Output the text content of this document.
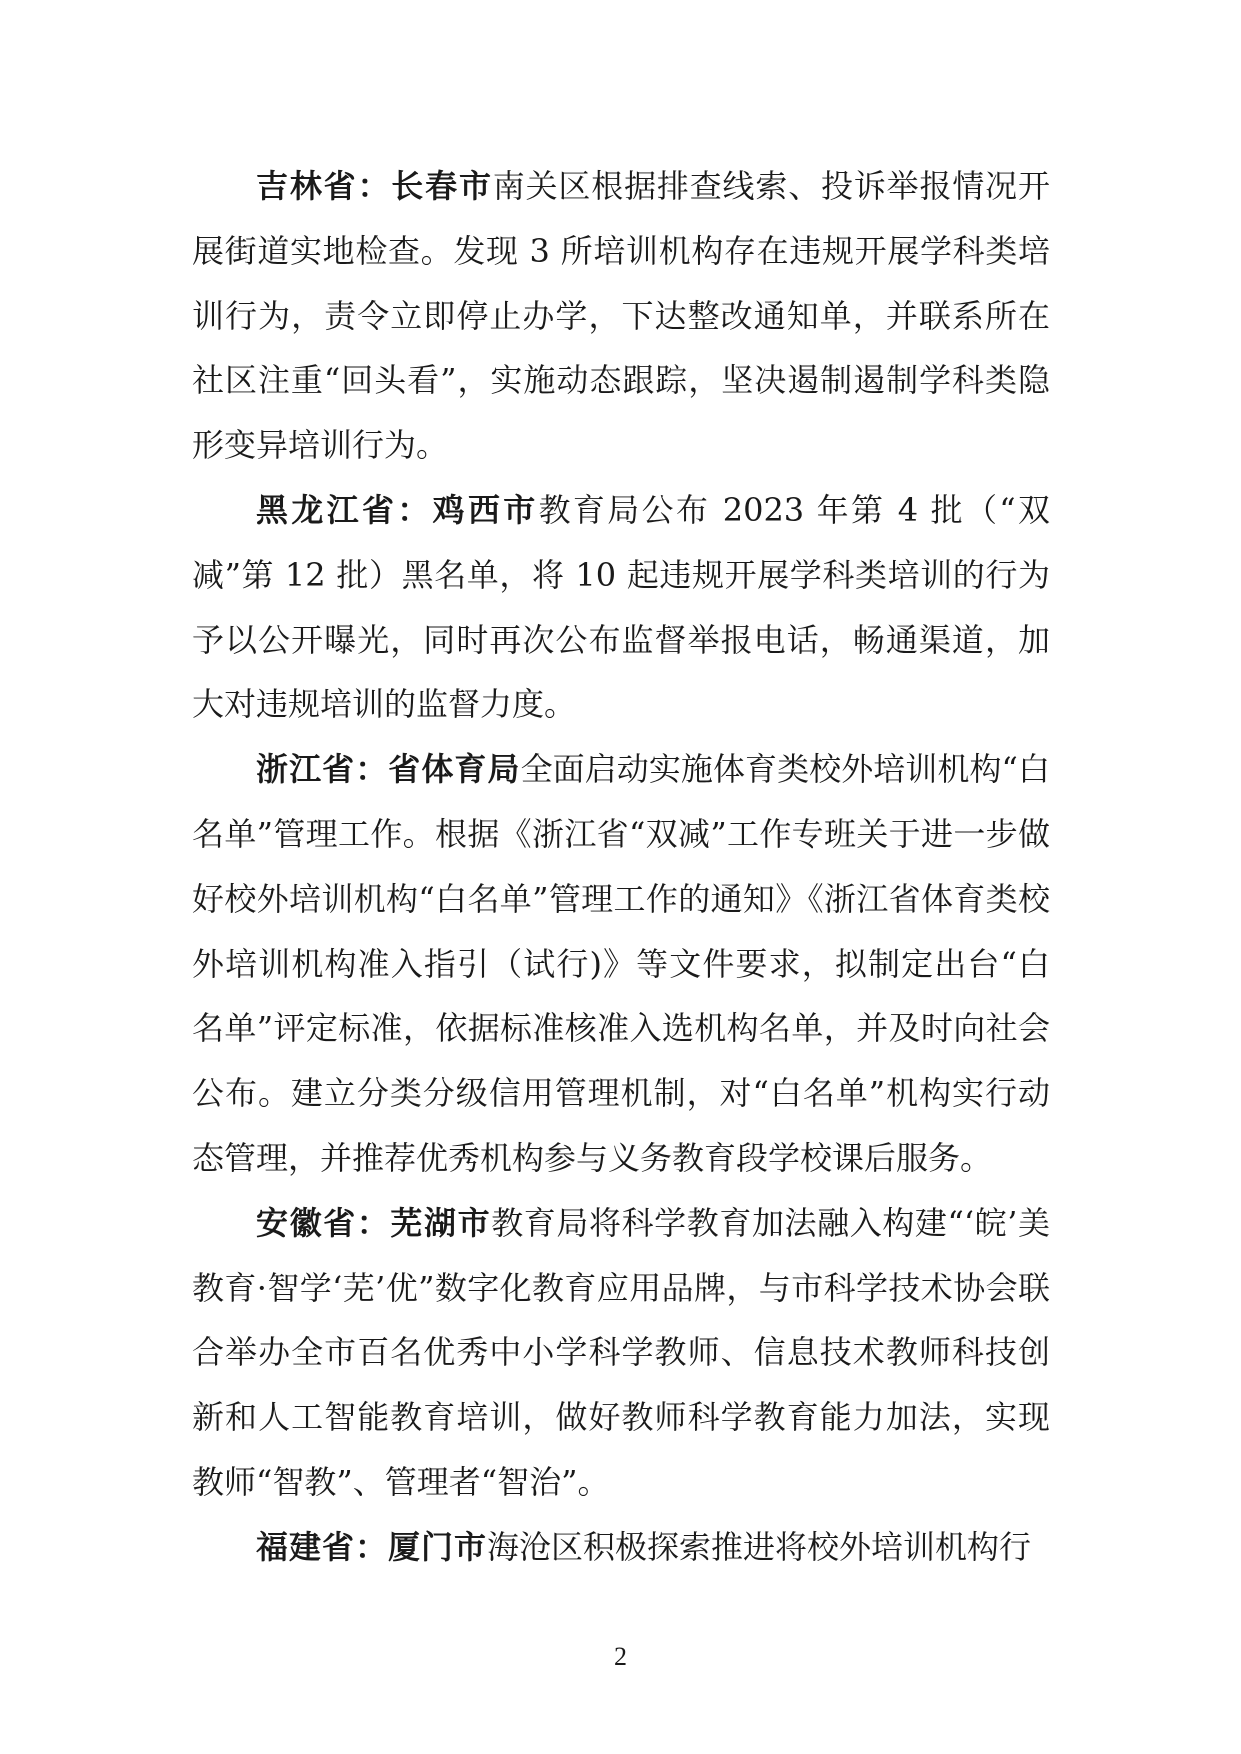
吉林省：长春市南关区根据排查线索、投诉举报情况开展街道实地检查。发现 3 所培训机构存在违规开展学科类培训行为，责令立即停止办学，下达整改通知单，并联系所在社区注重“回头看”，实施动态跟踪，坚决遏制遏制学科类隐形变异培训行为。

黑龙江省：鸡西市教育局公布 2023 年第 4 批（“双减”第 12 批）黑名单，将 10 起违规开展学科类培训的行为予以公开曝光，同时再次公布监督举报电话，畅通渠道，加大对违规培训的监督力度。

浙江省：省体育局全面启动实施体育类校外培训机构“白名单”管理工作。根据《浙江省“双减”工作专班关于进一步做好校外培训机构“白名单”管理工作的通知》《浙江省体育类校外培训机构准入指引（试行)》等文件要求，拟制定出台“白名单”评定标准，依据标准核准入选机构名单，并及时向社会公布。建立分类分级信用管理机制，对“白名单”机构实行动态管理，并推荐优秀机构参与义务教育段学校课后服务。

安徽省：芜湖市教育局将科学教育加法融入构建“‘皖’美教育·智学‘芜’优”数字化教育应用品牌，与市科学技术协会联合举办全市百名优秀中小学科学教师、信息技术教师科技创新和人工智能教育培训，做好教师科学教育能力加法，实现教师“智教”、管理者“智治”。

福建省：厦门市海沧区积极探索推进将校外培训机构行

2
